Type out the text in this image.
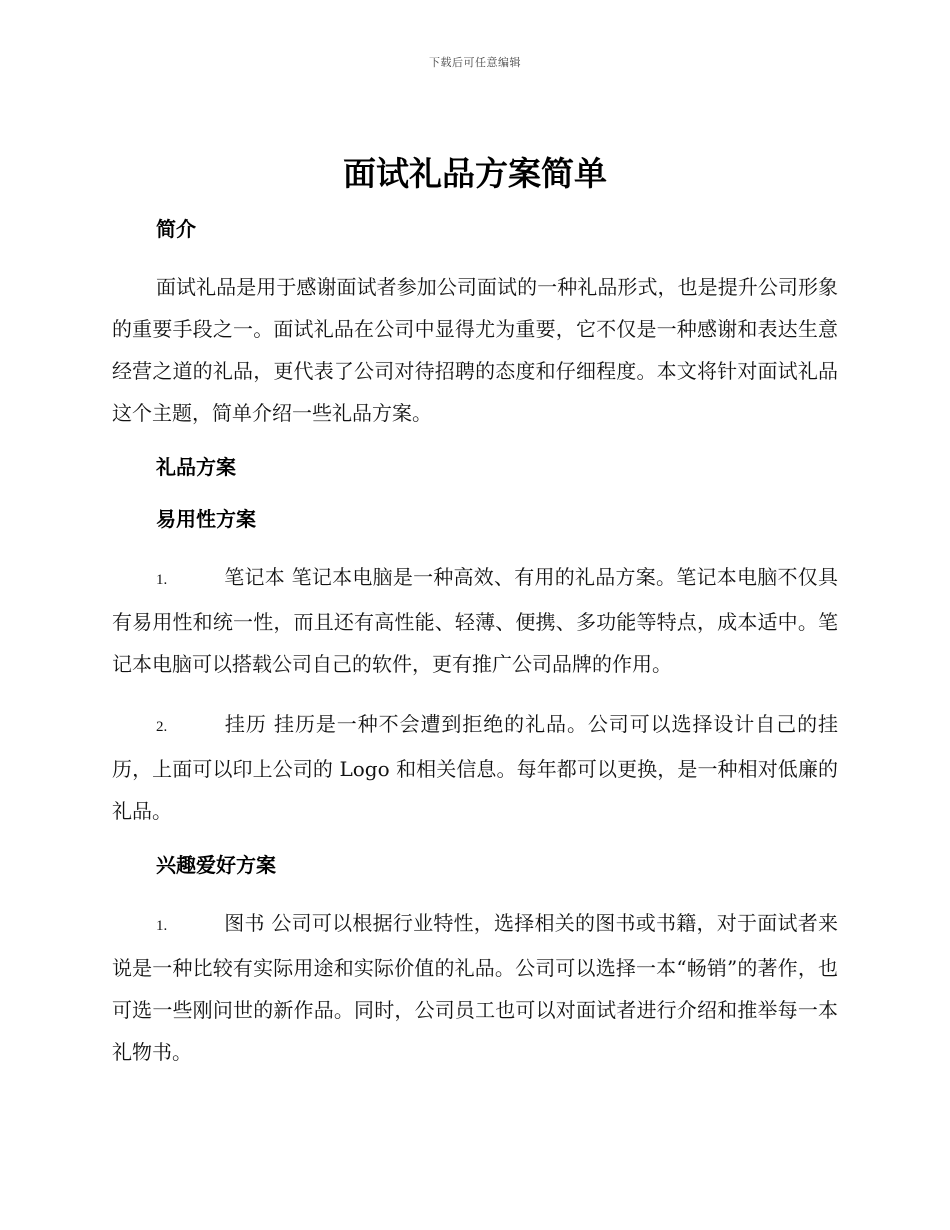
下载后可任意编辑
面试礼品方案简单
简介

面试礼品是用于感谢面试者参加公司面试的一种礼品形式，也是提升公司形象的重要手段之一。面试礼品在公司中显得尤为重要，它不仅是一种感谢和表达生意经营之道的礼品，更代表了公司对待招聘的态度和仔细程度。本文将针对面试礼品这个主题，简单介绍一些礼品方案。

礼品方案
易用性方案

1.	笔记本 笔记本电脑是一种高效、有用的礼品方案。笔记本电脑不仅具有易用性和统一性，而且还有高性能、轻薄、便携、多功能等特点，成本适中。笔记本电脑可以搭载公司自己的软件，更有推广公司品牌的作用。

2.	挂历 挂历是一种不会遭到拒绝的礼品。公司可以选择设计自己的挂历，上面可以印上公司的 Logo 和相关信息。每年都可以更换，是一种相对低廉的礼品。

兴趣爱好方案

1.	图书 公司可以根据行业特性，选择相关的图书或书籍，对于面试者来说是一种比较有实际用途和实际价值的礼品。公司可以选择一本“畅销”的著作，也可选一些刚问世的新作品。同时，公司员工也可以对面试者进行介绍和推举每一本礼物书。
